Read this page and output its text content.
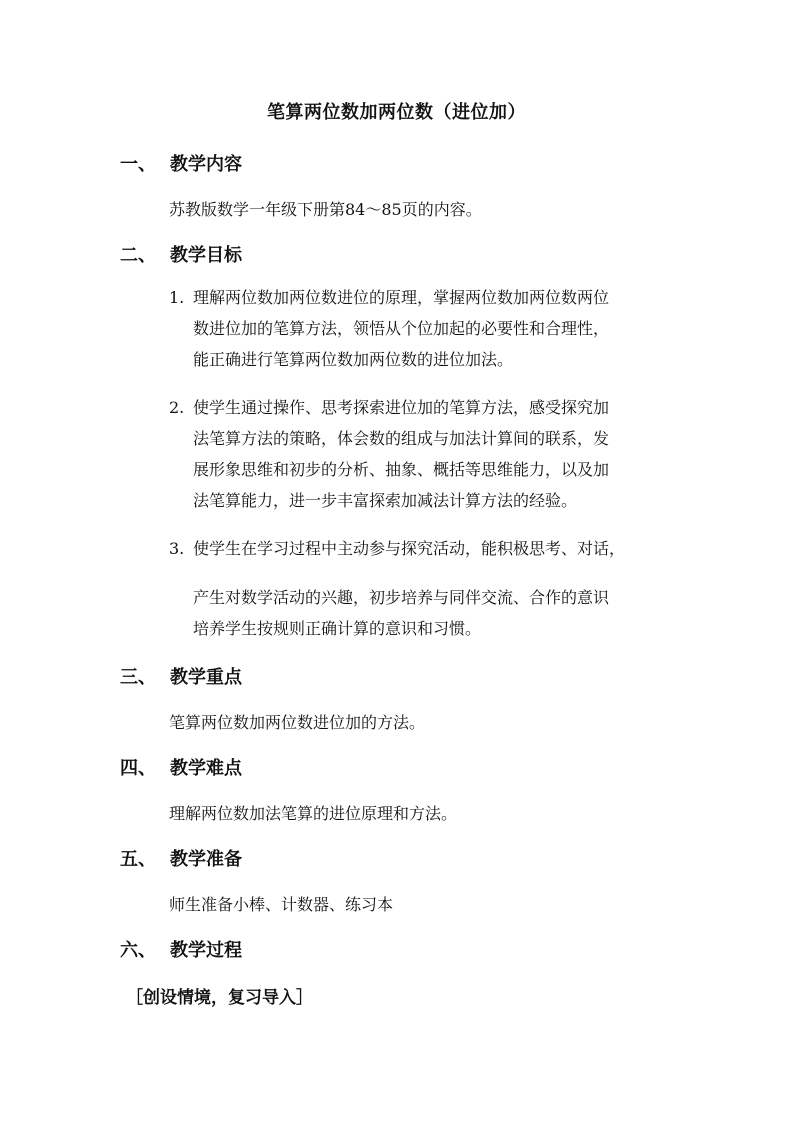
笔算两位数加两位数（进位加）
一、 教学内容
苏教版数学一年级下册第84～85页的内容。
二、 教学目标
1. 理解两位数加两位数进位的原理，掌握两位数加两位数两位
数进位加的笔算方法，领悟从个位加起的必要性和合理性，
能正确进行笔算两位数加两位数的进位加法。
2. 使学生通过操作、思考探索进位加的笔算方法，感受探究加
法笔算方法的策略，体会数的组成与加法计算间的联系，发
展形象思维和初步的分析、抽象、概括等思维能力，以及加
法笔算能力，进一步丰富探索加减法计算方法的经验。
3. 使学生在学习过程中主动参与探究活动，能积极思考、对话，
产生对数学活动的兴趣，初步培养与同伴交流、合作的意识
培养学生按规则正确计算的意识和习惯。
三、 教学重点
笔算两位数加两位数进位加的方法。
四、 教学难点
理解两位数加法笔算的进位原理和方法。
五、 教学准备
师生准备小棒、计数器、练习本
六、 教学过程
［创设情境，复习导入］
